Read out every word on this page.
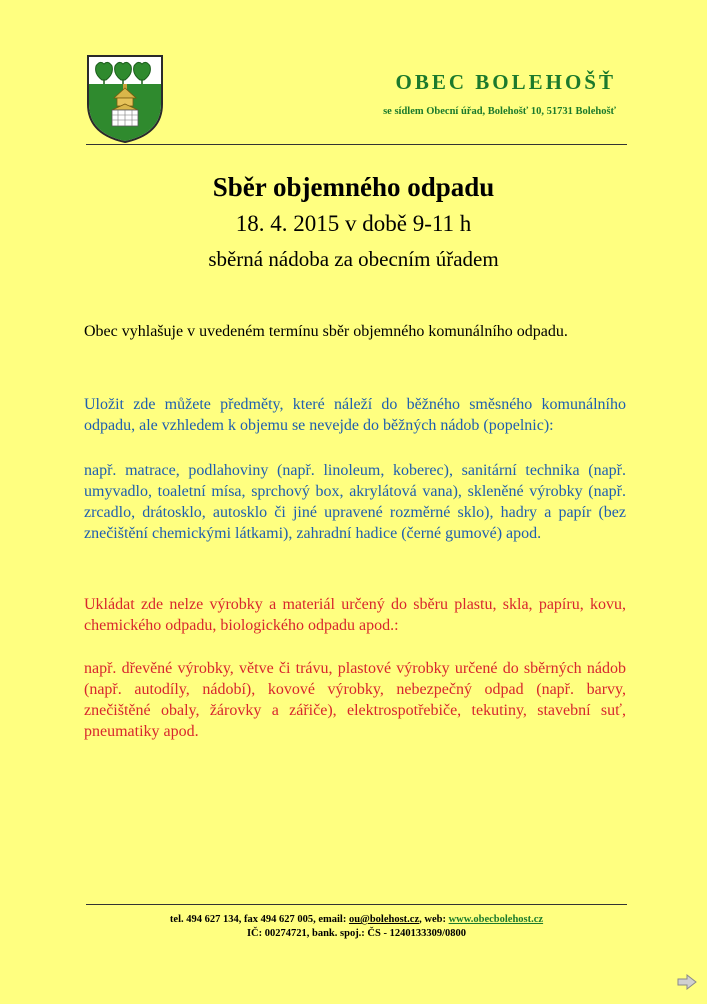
OBEC BOLEHOŠŤ
se sídlem Obecní úřad, Bolehošť 10, 51731 Bolehošť
Sběr objemného odpadu
18. 4. 2015 v době 9-11 h
sběrná nádoba za obecním úřadem

Obec vyhlašuje v uvedeném termínu sběr objemného komunálního odpadu.

Uložit zde můžete předměty, které náleží do běžného směsného komunálního odpadu, ale vzhledem k objemu se nevejde do běžných nádob (popelnic):

např. matrace, podlahoviny (např. linoleum, koberec), sanitární technika (např. umyvadlo, toaletní mísa, sprchový box, akrylátová vana), skleněné výrobky (např. zrcadlo, drátosklo, autosklo či jiné upravené rozměrné sklo), hadry a papír (bez znečištění chemickými látkami), zahradní hadice (černé gumové) apod.

Ukládat zde nelze výrobky a materiál určený do sběru plastu, skla, papíru, kovu, chemického odpadu, biologického odpadu apod.:

např. dřevěné výrobky, větve či trávu, plastové výrobky určené do sběrných nádob (např. autodíly, nádobí), kovové výrobky, nebezpečný odpad (např. barvy, znečištěné obaly, žárovky a zářiče), elektrospotřebiče, tekutiny, stavební suť, pneumatiky apod.

tel. 494 627 134, fax 494 627 005, email: ou@bolehost.cz, web: www.obecbolehost.cz
IČ: 00274721, bank. spoj.: ČS - 1240133309/0800
